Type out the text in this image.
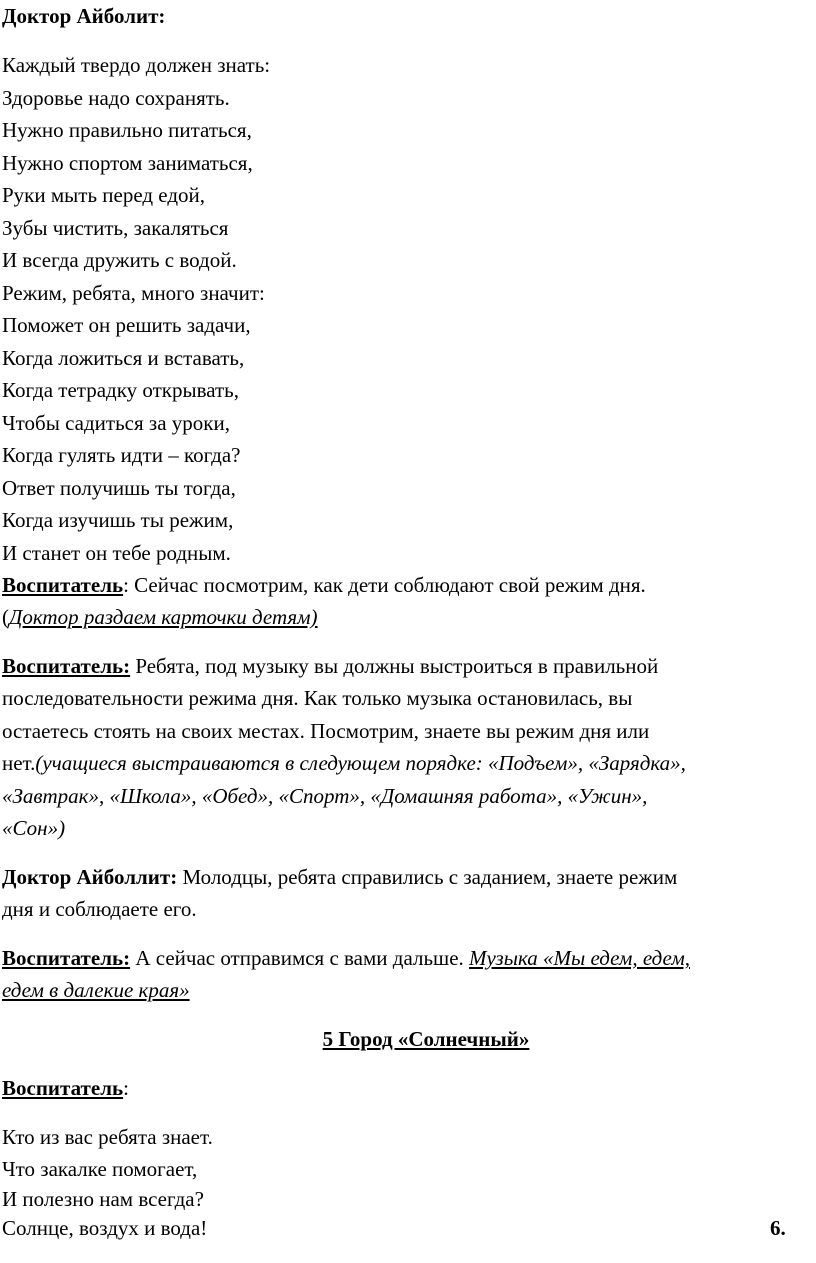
Доктор Айболит:
Каждый твердо должен знать:
Здоровье надо сохранять.
Нужно правильно питаться,
Нужно спортом заниматься,
Руки мыть перед едой,
Зубы чистить, закаляться
И всегда дружить с водой.
Режим, ребята, много значит:
Поможет он решить задачи,
Когда ложиться и вставать,
Когда тетрадку открывать,
Чтобы садиться за уроки,
Когда гулять идти – когда?
Ответ получишь ты тогда,
Когда изучишь ты режим,
И станет он тебе родным.
Воспитатель: Сейчас посмотрим, как дети соблюдают свой режим дня.
(Доктор раздаем карточки детям)
Воспитатель: Ребята, под музыку вы должны выстроиться в правильной
последовательности режима дня. Как только музыка остановилась, вы
остаетесь стоять на своих местах. Посмотрим, знаете вы режим дня или
нет.(учащиеся выстраиваются в следующем порядке: «Подъем», «Зарядка»,
«Завтрак», «Школа», «Обед», «Спорт», «Домашняя работа», «Ужин»,
«Сон»)
Доктор Айболлит: Молодцы, ребята справились с заданием, знаете режим
дня и соблюдаете его.
Воспитатель: А сейчас отправимся с вами дальше. Музыка «Мы едем, едем,
едем в далекие края»
5 Город «Солнечный»
Воспитатель:
Кто из вас ребята знает.
Что закалке помогает,
И полезно нам всегда?
Солнце, воздух и вода!	6.
